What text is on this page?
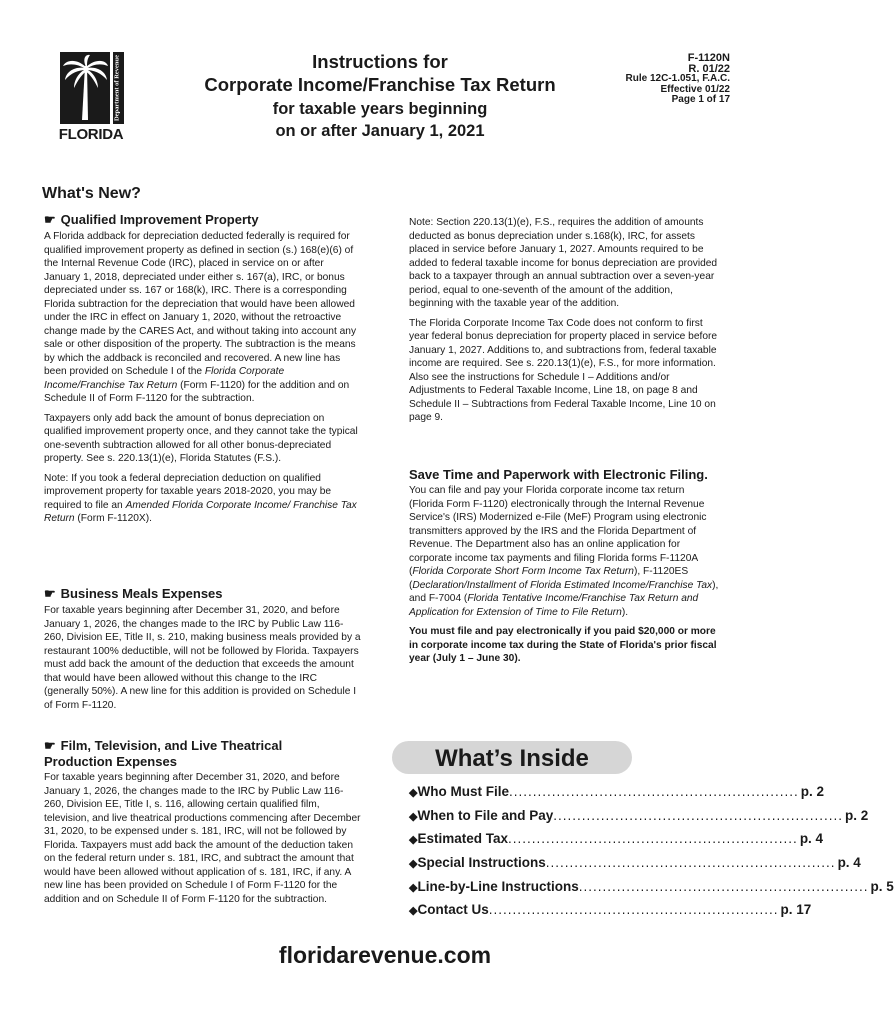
Department of Revenue
FLORIDA
Instructions for
Corporate Income/Franchise Tax Return
for taxable years beginning
on or after January 1, 2021
F-1120N
R. 01/22
Rule 12C-1.051, F.A.C.
Effective 01/22
Page 1 of 17
What's New?
☛ Qualified Improvement Property
A Florida addback for depreciation deducted federally is required for qualified improvement property as defined in section (s.) 168(e)(6) of the Internal Revenue Code (IRC), placed in service on or after January 1, 2018, depreciated under either s. 167(a), IRC, or bonus depreciated under ss. 167 or 168(k), IRC. There is a corresponding Florida subtraction for the depreciation that would have been allowed under the IRC in effect on January 1, 2020, without the retroactive change made by the CARES Act, and without taking into account any sale or other disposition of the property. The subtraction is the means by which the addback is reconciled and recovered. A new line has been provided on Schedule I of the Florida Corporate Income/Franchise Tax Return (Form F-1120) for the addition and on Schedule II of Form F-1120 for the subtraction.
Taxpayers only add back the amount of bonus depreciation on qualified improvement property once, and they cannot take the typical one-seventh subtraction allowed for all other bonus-depreciated property. See s. 220.13(1)(e), Florida Statutes (F.S.).
Note: If you took a federal depreciation deduction on qualified improvement property for taxable years 2018-2020, you may be required to file an Amended Florida Corporate Income/ Franchise Tax Return (Form F-1120X).
☛ Business Meals Expenses
For taxable years beginning after December 31, 2020, and before January 1, 2026, the changes made to the IRC by Public Law 116-260, Division EE, Title II, s. 210, making business meals provided by a restaurant 100% deductible, will not be followed by Florida. Taxpayers must add back the amount of the deduction that exceeds the amount that would have been allowed without this change to the IRC (generally 50%). A new line for this addition is provided on Schedule I of Form F-1120.
☛ Film, Television, and Live Theatrical
Production Expenses
For taxable years beginning after December 31, 2020, and before January 1, 2026, the changes made to the IRC by Public Law 116-260, Division EE, Title I, s. 116, allowing certain qualified film, television, and live theatrical productions commencing after December 31, 2020, to be expensed under s. 181, IRC, will not be followed by Florida. Taxpayers must add back the amount of the deduction taken on the federal return under s. 181, IRC, and subtract the amount that would have been allowed without application of s. 181, IRC, if any. A new line has been provided on Schedule I of Form F-1120 for the addition and on Schedule II of Form F-1120 for the subtraction.
Note: Section 220.13(1)(e), F.S., requires the addition of amounts deducted as bonus depreciation under s.168(k), IRC, for assets placed in service before January 1, 2027. Amounts required to be added to federal taxable income for bonus depreciation are provided back to a taxpayer through an annual subtraction over a seven-year period, equal to one-seventh of the amount of the addition, beginning with the taxable year of the addition.
The Florida Corporate Income Tax Code does not conform to first year federal bonus depreciation for property placed in service before January 1, 2027. Additions to, and subtractions from, federal taxable income are required. See s. 220.13(1)(e), F.S., for more information. Also see the instructions for Schedule I – Additions and/or Adjustments to Federal Taxable Income, Line 18, on page 8 and Schedule II – Subtractions from Federal Taxable Income, Line 10 on page 9.
Save Time and Paperwork with Electronic Filing.
You can file and pay your Florida corporate income tax return (Florida Form F-1120) electronically through the Internal Revenue Service's (IRS) Modernized e-File (MeF) Program using electronic transmitters approved by the IRS and the Florida Department of Revenue. The Department also has an online application for corporate income tax payments and filing Florida forms F-1120A (Florida Corporate Short Form Income Tax Return), F-1120ES (Declaration/Installment of Florida Estimated Income/Franchise Tax), and F-7004 (Florida Tentative Income/Franchise Tax Return and Application for Extension of Time to File Return).
You must file and pay electronically if you paid $20,000 or more in corporate income tax during the State of Florida's prior fiscal year (July 1 – June 30).
What’s Inside
◆ Who Must File ............................................................. p. 2
◆ When to File and Pay ............................................................. p. 2
◆ Estimated Tax ............................................................. p. 4
◆ Special Instructions ............................................................. p. 4
◆ Line-by-Line Instructions ............................................................. p. 5
◆ Contact Us ............................................................. p. 17
floridarevenue.com
